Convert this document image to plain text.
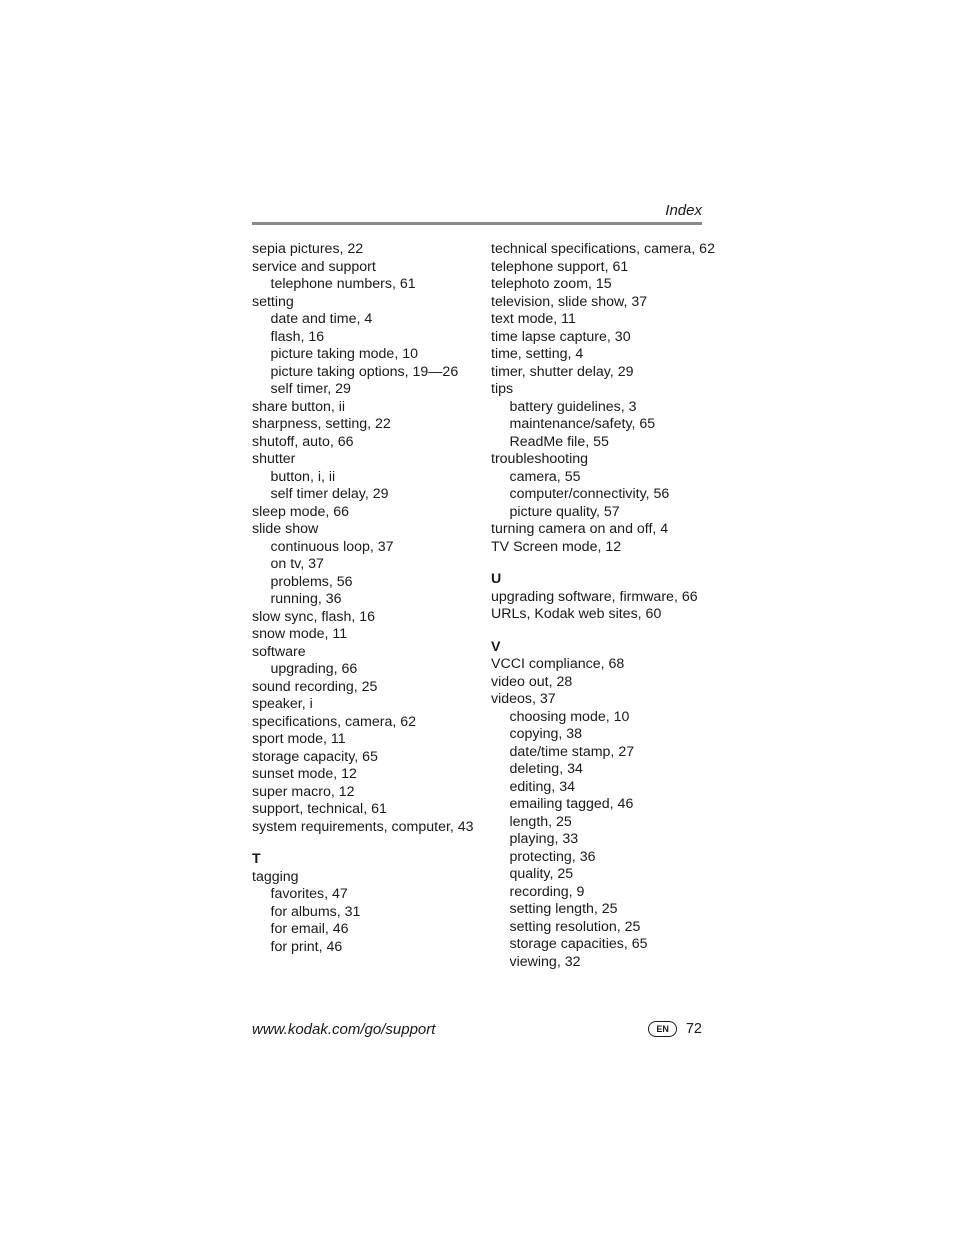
Index
sepia pictures, 22
service and support
telephone numbers, 61
setting
date and time, 4
flash, 16
picture taking mode, 10
picture taking options, 19—26
self timer, 29
share button, ii
sharpness, setting, 22
shutoff, auto, 66
shutter
button, i, ii
self timer delay, 29
sleep mode, 66
slide show
continuous loop, 37
on tv, 37
problems, 56
running, 36
slow sync, flash, 16
snow mode, 11
software
upgrading, 66
sound recording, 25
speaker, i
specifications, camera, 62
sport mode, 11
storage capacity, 65
sunset mode, 12
super macro, 12
support, technical, 61
system requirements, computer, 43
T
tagging
favorites, 47
for albums, 31
for email, 46
for print, 46
technical specifications, camera, 62
telephone support, 61
telephoto zoom, 15
television, slide show, 37
text mode, 11
time lapse capture, 30
time, setting, 4
timer, shutter delay, 29
tips
battery guidelines, 3
maintenance/safety, 65
ReadMe file, 55
troubleshooting
camera, 55
computer/connectivity, 56
picture quality, 57
turning camera on and off, 4
TV Screen mode, 12
U
upgrading software, firmware, 66
URLs, Kodak web sites, 60
V
VCCI compliance, 68
video out, 28
videos, 37
choosing mode, 10
copying, 38
date/time stamp, 27
deleting, 34
editing, 34
emailing tagged, 46
length, 25
playing, 33
protecting, 36
quality, 25
recording, 9
setting length, 25
setting resolution, 25
storage capacities, 65
viewing, 32
www.kodak.com/go/support	EN	72
